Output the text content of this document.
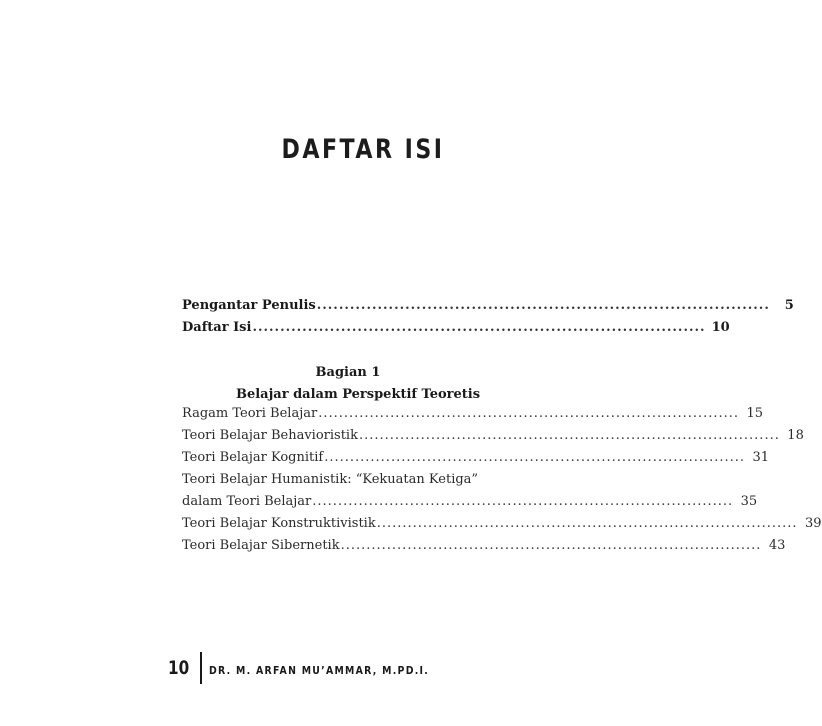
DAFTAR ISI
Pengantar Penulis ..................................................................................	5
Daftar Isi .................................................................................. 10
Bagian 1
Belajar dalam Perspektif Teoretis
Ragam Teori Belajar .................................................................................. 15
Teori Belajar Behavioristik .................................................................................. 18
Teori Belajar Kognitif .................................................................................. 31
Teori Belajar Humanistik: “Kekuatan Ketiga”
dalam Teori Belajar .................................................................................. 35
Teori Belajar Konstruktivistik .................................................................................. 39
Teori Belajar Sibernetik .................................................................................. 43
10 DR. M. ARFAN MU’AMMAR, M.PD.I.
